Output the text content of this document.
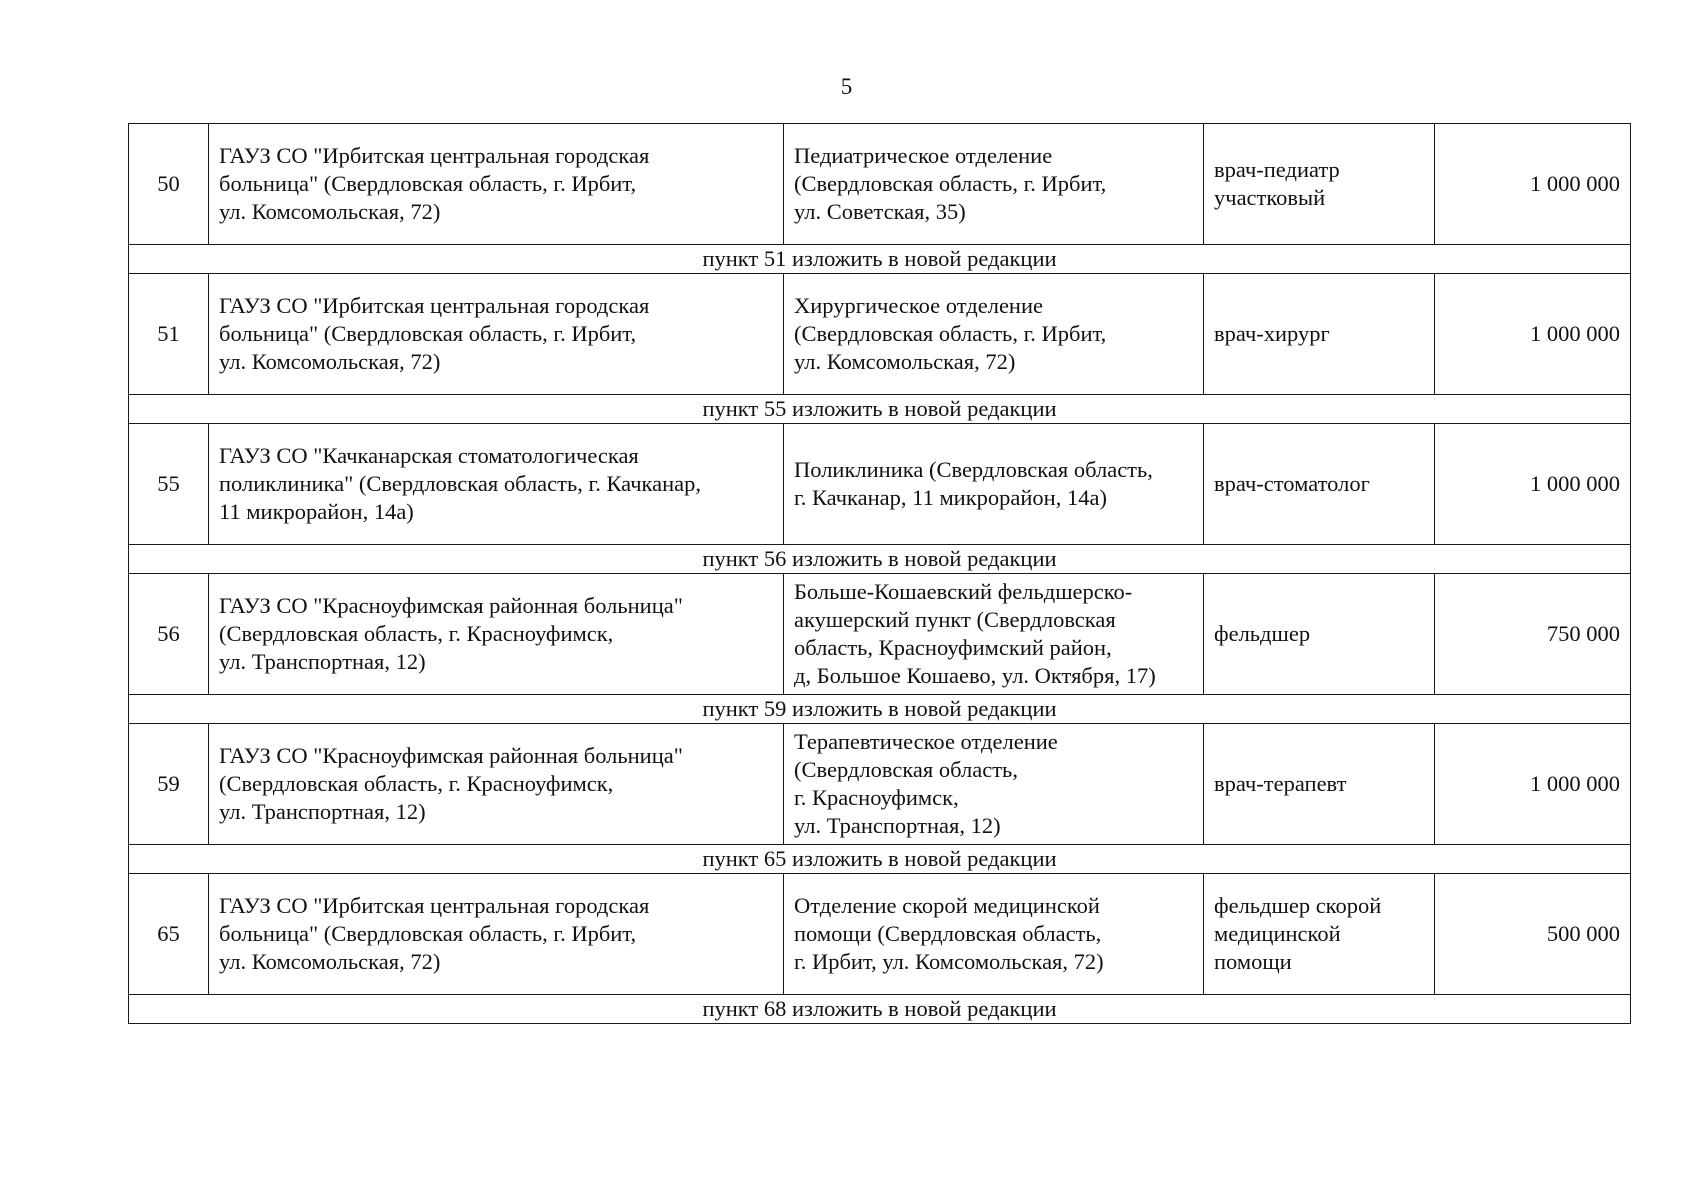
5
50	ГАУЗ СО "Ирбитская центральная городская
больница" (Свердловская область, г. Ирбит,
ул. Комсомольская, 72)	Педиатрическое отделение
(Свердловская область, г. Ирбит,
ул. Советская, 35)	врач-педиатр
участковый	1 000 000
пункт 51 изложить в новой редакции				
51	ГАУЗ СО "Ирбитская центральная городская
больница" (Свердловская область, г. Ирбит,
ул. Комсомольская, 72)	Хирургическое отделение
(Свердловская область, г. Ирбит,
ул. Комсомольская, 72)	врач-хирург	1 000 000
пункт 55 изложить в новой редакции				
55	ГАУЗ СО "Качканарская стоматологическая
поликлиника" (Свердловская область, г. Качканар,
11 микрорайон, 14а)	Поликлиника (Свердловская область,
г. Качканар, 11 микрорайон, 14а)	врач-стоматолог	1 000 000
пункт 56 изложить в новой редакции				
56	ГАУЗ СО "Красноуфимская районная больница"
(Свердловская область, г. Красноуфимск,
ул. Транспортная, 12)	Больше-Кошаевский фельдшерско-
акушерский пункт (Свердловская
область, Красноуфимский район,
д, Большое Кошаево, ул. Октября, 17)	фельдшер	750 000
пункт 59 изложить в новой редакции				
59	ГАУЗ СО "Красноуфимская районная больница"
(Свердловская область, г. Красноуфимск,
ул. Транспортная, 12)	Терапевтическое отделение
(Свердловская область,
г. Красноуфимск,
ул. Транспортная, 12)	врач-терапевт	1 000 000
пункт 65 изложить в новой редакции				
65	ГАУЗ СО "Ирбитская центральная городская
больница" (Свердловская область, г. Ирбит,
ул. Комсомольская, 72)	Отделение скорой медицинской
помощи (Свердловская область,
г. Ирбит, ул. Комсомольская, 72)	фельдшер скорой
медицинской
помощи	500 000
пункт 68 изложить в новой редакции				
